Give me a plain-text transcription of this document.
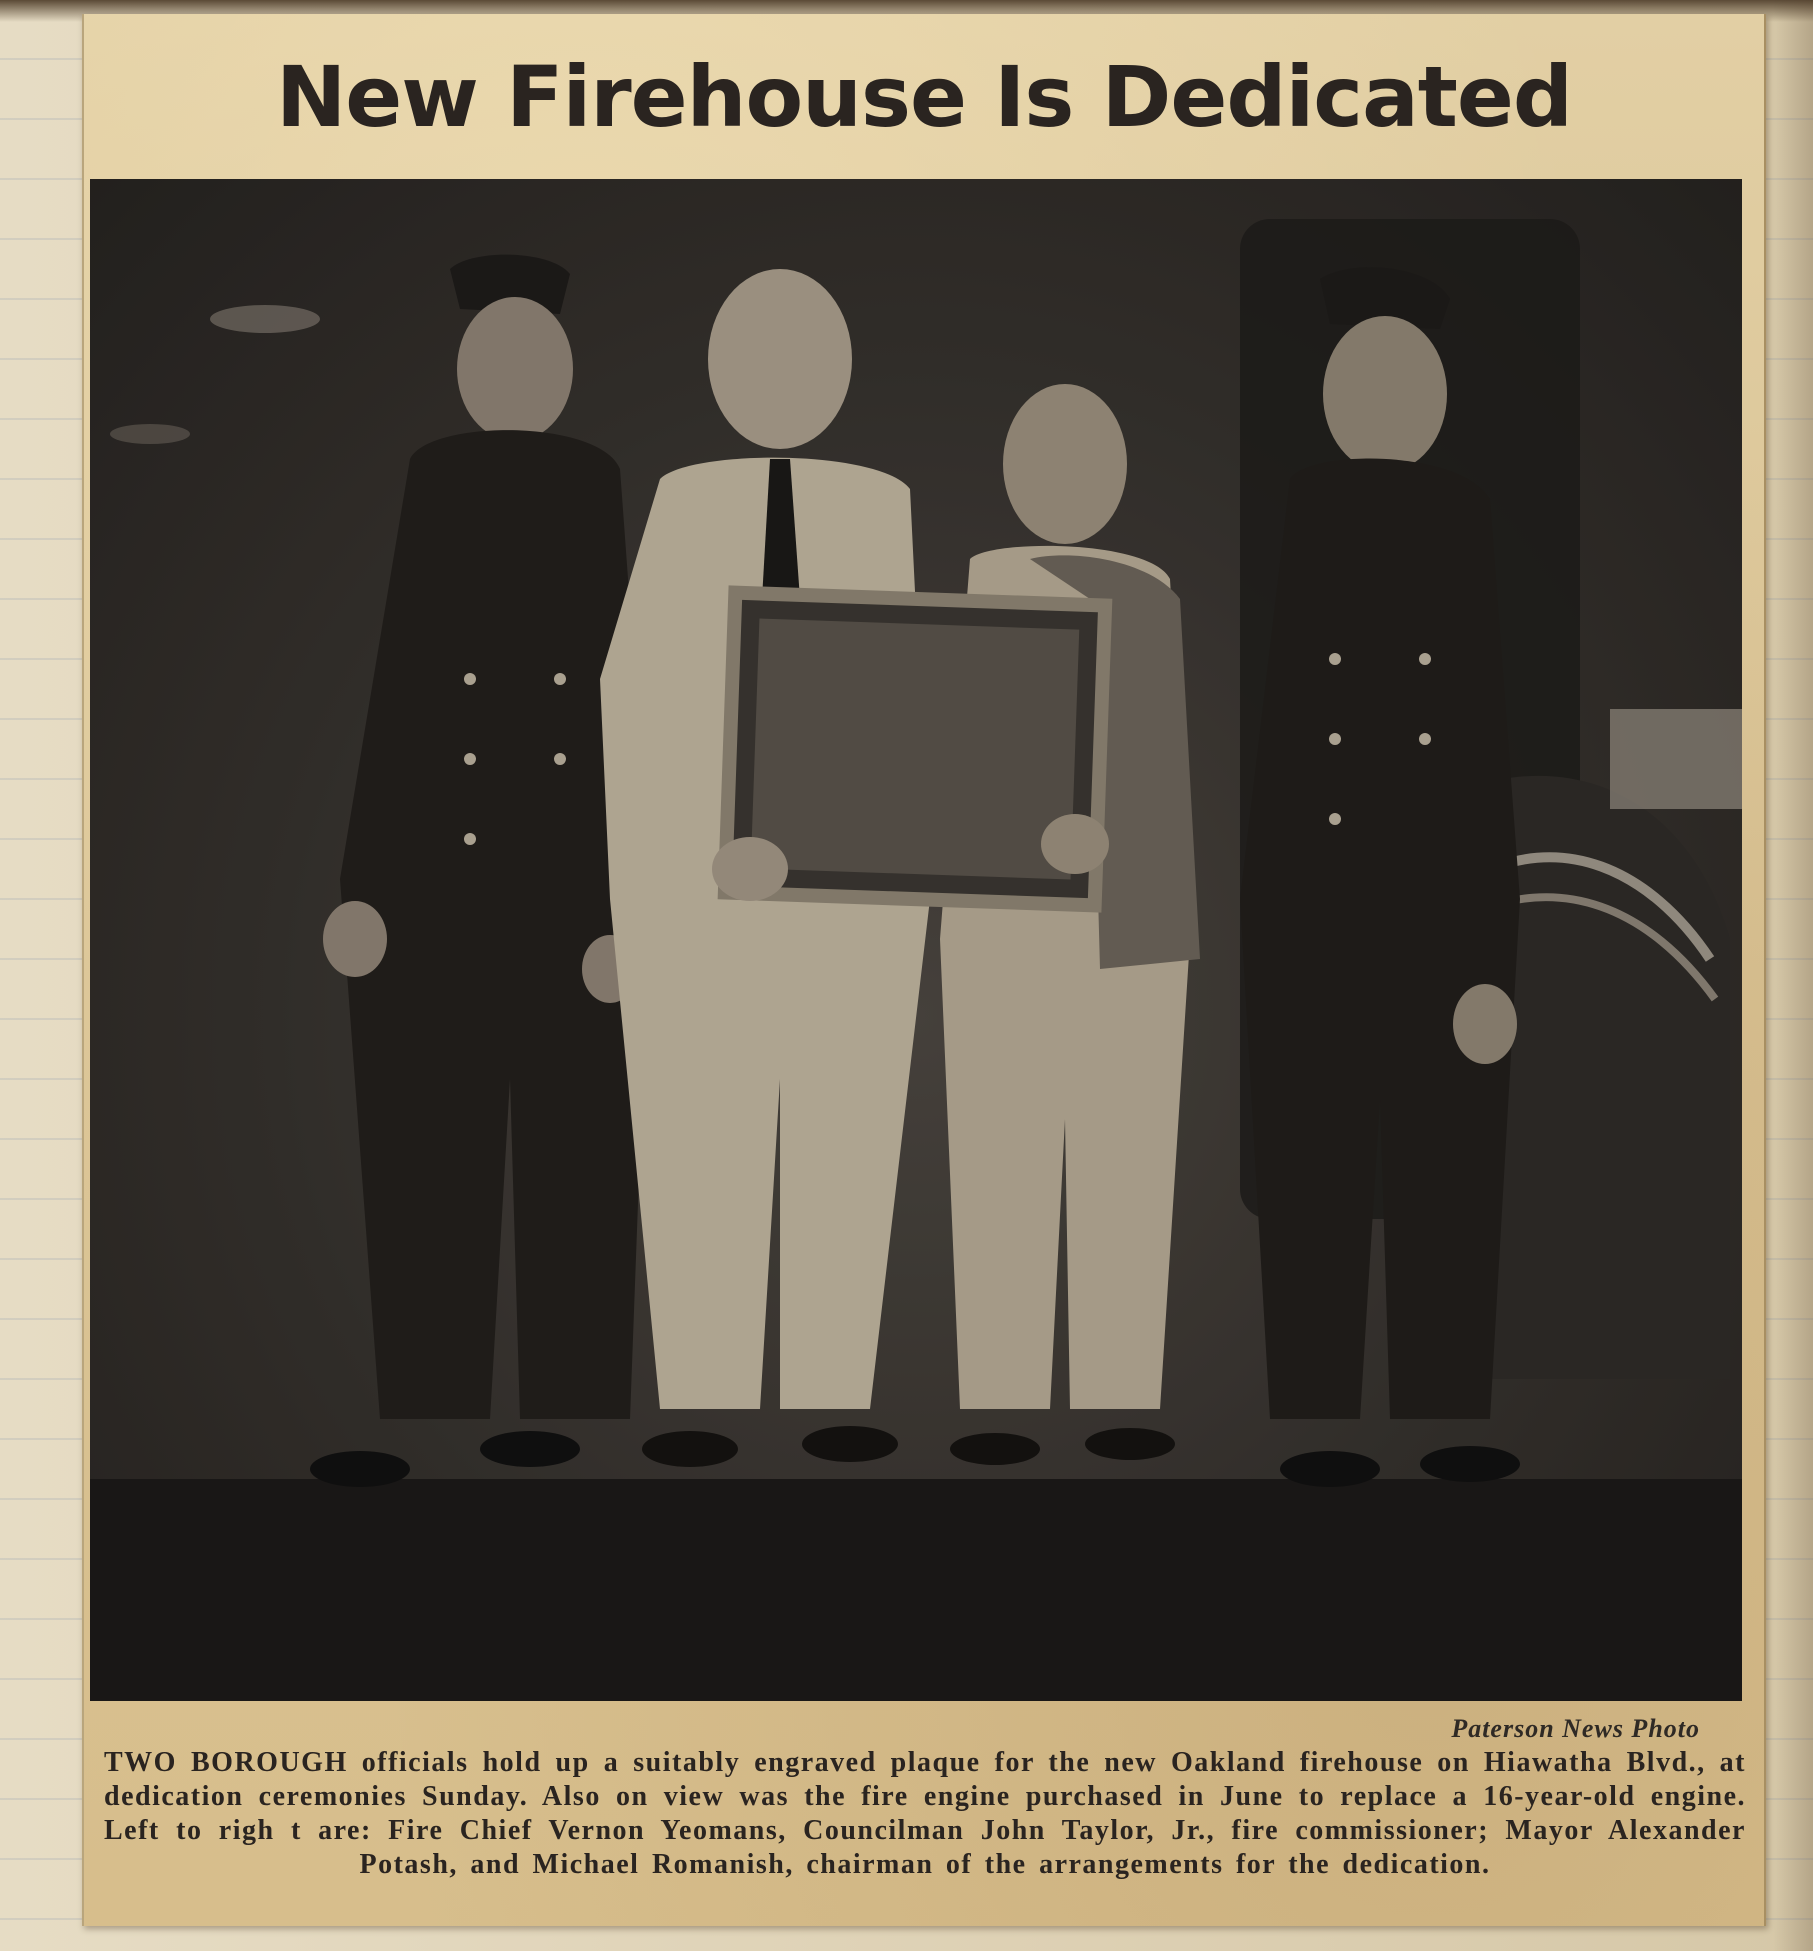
New Firehouse Is Dedicated
Paterson News Photo

TWO BOROUGH officials hold up a suitably engraved plaque for the new Oakland firehouse on Hiawatha Blvd., at dedication ceremonies Sunday. Also on view was the fire engine purchased in June to replace a 16-year-old engine. Left to righ t are: Fire Chief Vernon Yeomans, Councilman John Taylor, Jr., fire commissioner; Mayor Alexander Potash, and Michael Romanish, chairman of the arrangements for the dedication.
